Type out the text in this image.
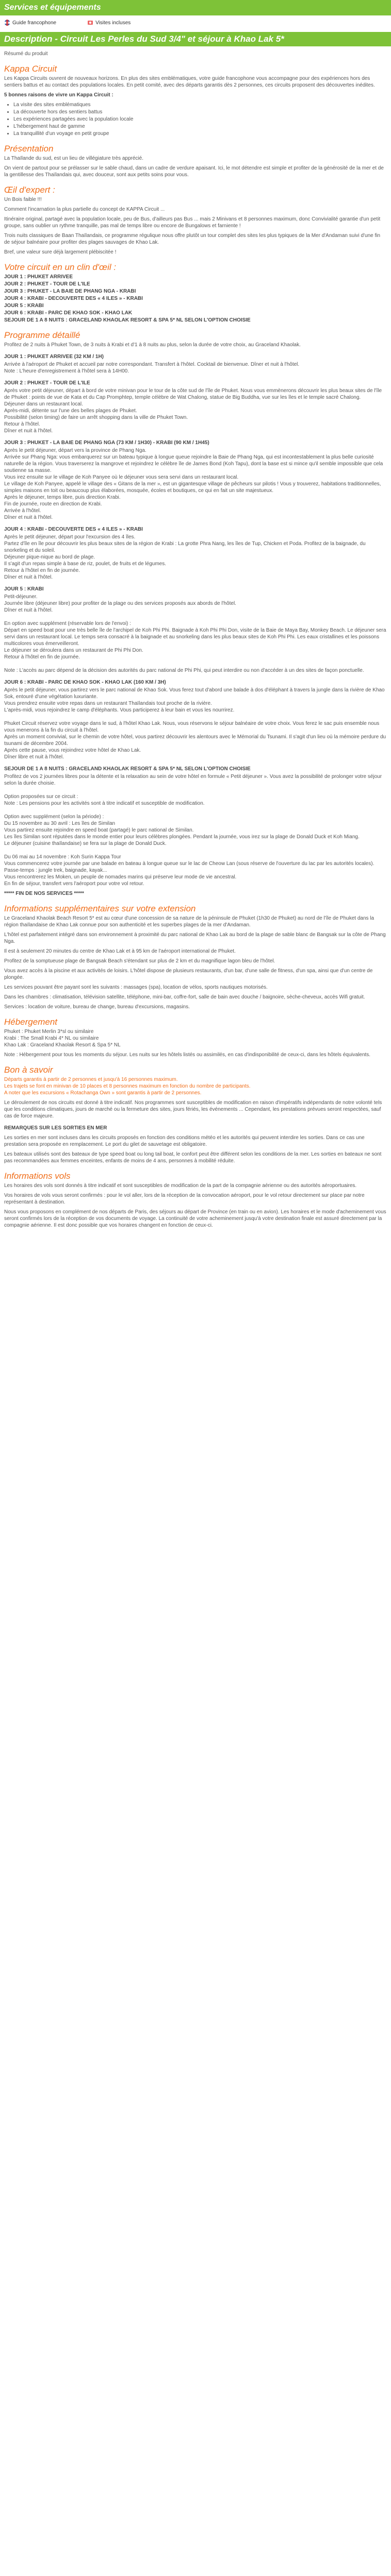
Services et équipements
Guide francophone	Visites incluses
Description - Circuit Les Perles du Sud 3/4" et séjour à Khao Lak 5*

Résumé du produit

Kappa Circuit

Les Kappa Circuits ouvrent de nouveaux horizons. En plus des sites emblématiques, votre guide francophone vous accompagne pour des expériences hors des sentiers battus et au contact des populations locales. En petit comité, avec des départs garantis dès 2 personnes, ces circuits proposent des découvertes inédites.

5 bonnes raisons de vivre un Kappa Circuit :

• La visite des sites emblématiques
• La découverte hors des sentiers battus
• Les expériences partagées avec la population locale
• L'hébergement haut de gamme
• La tranquillité d'un voyage en petit groupe
Présentation

La Thaïlande du sud, est un lieu de villégiature très apprécié.

On vient de partout pour se prélasser sur le sable chaud, dans un cadre de verdure apaisant. Ici, le mot détendre est simple et profiter de la générosité de la mer et de la gentillesse des Thaïlandais qui, avec douceur, sont aux petits soins pour vous.

Œil d'expert :

Un Bois faible !!!

Comment l'incarnation la plus partielle du concept de KAPPA Circuit ...

Itinéraire original, partagé avec la population locale, peu de Bus, d'ailleurs pas Bus ... mais 2 Minivans et 8 personnes maximum, donc Convivialité garantie d'un petit groupe, sans oublier un rythme tranquille, pas mal de temps libre ou encore de Bungalows et farniente !

Trois nuits classiques de Baan Thaïlandais, ce programme régulique nous offre plutôt un tour complet des sites les plus typiques de la Mer d'Andaman suivi d'une fin de séjour balnéaire pour profiter des plages sauvages de Khao Lak.

Bref, une valeur sure déjà largement plébiscitée !

Votre circuit en un clin d'œil :
JOUR 1 : PHUKET ARRIVEE
JOUR 2 : PHUKET - TOUR DE L'ILE
JOUR 3 : PHUKET - LA BAIE DE PHANG NGA - KRABI
JOUR 4 : KRABI - DECOUVERTE DES « 4 ILES » - KRABI
JOUR 5 : KRABI
JOUR 6 : KRABI - PARC DE KHAO SOK - KHAO LAK
SEJOUR DE 1 A 8 NUITS : GRACELAND KHAOLAK RESORT & SPA 5* NL SELON L'OPTION CHOISIE
Programme détaillé

Profitez de 2 nuits à Phuket Town, de 3 nuits à Krabi et d'1 à 8 nuits au plus, selon la durée de votre choix, au Graceland Khaolak.

JOUR 1 : PHUKET ARRIVEE (32 KM / 1H)

Arrivée à l'aéroport de Phuket et accueil par notre correspondant. Transfert à l'hôtel. Cocktail de bienvenue. Dîner et nuit à l'hôtel.
Note : L'heure d'enregistrement à l'hôtel sera à 14H00.

JOUR 2 : PHUKET - TOUR DE L'ILE

Après votre petit déjeuner, départ à bord de votre minivan pour le tour de la côte sud de l'île de Phuket. Nous vous emmènerons découvrir les plus beaux sites de l'île de Phuket : points de vue de Kata et du Cap Promphtep, temple célèbre de Wat Chalong, statue de Big Buddha, vue sur les îles et le temple sacré Chalong.
Déjeuner dans un restaurant local.
Après-midi, détente sur l'une des belles plages de Phuket.
Possibilité (selon timing) de faire un arrêt shopping dans la ville de Phuket Town.
Retour à l'hôtel.
Dîner et nuit à l'hôtel.

JOUR 3 : PHUKET - LA BAIE DE PHANG NGA (73 KM / 1H30) - KRABI (90 KM / 1H45)

Après le petit déjeuner, départ vers la province de Phang Nga.
Arrivée sur Phang Nga: vous embarquerez sur un bateau typique à longue queue rejoindre la Baie de Phang Nga, qui est incontestablement la plus belle curiosité naturelle de la région. Vous traverserez la mangrove et rejoindrez le célèbre île de James Bond (Koh Tapu), dont la base est si mince qu'il semble impossible que cela soutienne sa masse.
Vous irez ensuite sur le village de Koh Panyee où le déjeuner vous sera servi dans un restaurant local.
Le village de Koh Panyee, appelé le village des « Gitans de la mer », est un gigantesque village de pêcheurs sur pilotis ! Vous y trouverez, habitations traditionnelles, simples maisons en toit ou beaucoup plus élaborées, mosquée, écoles et boutiques, ce qui en fait un site majestueux.
Après le déjeuner, temps libre, puis direction Krabi.
Fin de journée, route en direction de Krabi.
Arrivée à l'hôtel.
Dîner et nuit à l'hôtel.

JOUR 4 : KRABI - DECOUVERTE DES « 4 ILES » - KRABI

Après le petit déjeuner, départ pour l'excursion des 4 îles.
Partez d'île en île pour découvrir les plus beaux sites de la région de Krabi : La grotte Phra Nang, les îles de Tup, Chicken et Poda. Profitez de la baignade, du snorkeling et du soleil.
Déjeuner pique-nique au bord de plage.
Il s'agit d'un repas simple à base de riz, poulet, de fruits et de légumes.
Retour à l'hôtel en fin de journée.
Dîner et nuit à l'hôtel.

JOUR 5 : KRABI

Petit-déjeuner.
Journée libre (déjeuner libre) pour profiter de la plage ou des services proposés aux abords de l'hôtel.
Dîner et nuit à l'hôtel.

En option avec supplément (réservable lors de l'envoi) :
Départ en speed boat pour une très belle île de l'archipel de Koh Phi Phi. Baignade à Koh Phi Phi Don, visite de la Baie de Maya Bay, Monkey Beach. Le déjeuner sera servi dans un restaurant local. Le temps sera consacré à la baignade et au snorkeling dans les plus beaux sites de Koh Phi Phi. Les eaux cristallines et les poissons multicolores vous émerveilleront.
Le déjeuner se déroulera dans un restaurant de Phi Phi Don.
Retour à l'hôtel en fin de journée.

Note : L'accès au parc dépend de la décision des autorités du parc national de Phi Phi, qui peut interdire ou non d'accéder à un des sites de façon ponctuelle.

JOUR 6 : KRABI - PARC DE KHAO SOK - KHAO LAK (160 KM / 3H)

Après le petit déjeuner, vous partirez vers le parc national de Khao Sok. Vous ferez tout d'abord une balade à dos d'éléphant à travers la jungle dans la rivière de Khao Sok, entouré d'une végétation luxuriante.
Vous prendrez ensuite votre repas dans un restaurant Thaïlandais tout proche de la rivière.
L'après-midi, vous rejoindrez le camp d'éléphants. Vous participerez à leur bain et vous les nourrirez.

Phuket Circuit réservez votre voyage dans le sud, à l'hôtel Khao Lak. Nous, vous réservons le séjour balnéaire de votre choix. Vous ferez le sac puis ensemble nous vous menerons à la fin du circuit à l'hôtel.
Après un moment convivial, sur le chemin de votre hôtel, vous partirez découvrir les alentours avec le Mémorial du Tsunami. Il s'agit d'un lieu où la mémoire perdure du tsunami de décembre 2004.
Après cette pause, vous rejoindrez votre hôtel de Khao Lak.
Dîner libre et nuit à l'hôtel.

SEJOUR DE 1 A 8 NUITS : GRACELAND KHAOLAK RESORT & SPA 5* NL SELON L'OPTION CHOISIE

Profitez de vos 2 journées libres pour la détente et la relaxation au sein de votre hôtel en formule « Petit déjeuner ». Vous avez la possibilité de prolonger votre séjour selon la durée choisie.

Option proposées sur ce circuit :
Note : Les pensions pour les activités sont à titre indicatif et susceptible de modification.

Option avec supplément (selon la période) :
Du 15 novembre au 30 avril : Les îles de Similan
Vous partirez ensuite rejoindre en speed boat (partagé) le parc national de Similan.
Les îles Similan sont réputées dans le monde entier pour leurs célèbres plongées. Pendant la journée, vous irez sur la plage de Donald Duck et Koh Miang.
Le déjeuner (cuisine thaïlandaise) se fera sur la plage de Donald Duck.

Du 06 mai au 14 novembre : Koh Surin Kappa Tour
Vous commencerez votre journée par une balade en bateau à longue queue sur le lac de Cheow Lan (sous réserve de l'ouverture du lac par les autorités locales).
Passe-temps : jungle trek, baignade, kayak...
Vous rencontrerez les Moken, un peuple de nomades marins qui préserve leur mode de vie ancestral.
En fin de séjour, transfert vers l'aéroport pour votre vol retour.

***** FIN DE NOS SERVICES *****

Informations supplémentaires sur votre extension

Le Graceland Khaolak Beach Resort 5* est au cœur d'une concession de sa nature de la péninsule de Phuket (1h30 de Phuket) au nord de l'île de Phuket dans la région thaïlandaise de Khao Lak connue pour son authenticité et les superbes plages de la mer d'Andaman.

L'hôtel est parfaitement intégré dans son environnement à proximité du parc national de Khao Lak au bord de la plage de sable blanc de Bangsak sur la côte de Phang Nga.

Il est à seulement 20 minutes du centre de Khao Lak et à 95 km de l'aéroport international de Phuket.

Profitez de la somptueuse plage de Bangsak Beach s'étendant sur plus de 2 km et du magnifique lagon bleu de l'hôtel.

Vous avez accès à la piscine et aux activités de loisirs. L'hôtel dispose de plusieurs restaurants, d'un bar, d'une salle de fitness, d'un spa, ainsi que d'un centre de plongée.

Les services pouvant être payant sont les suivants : massages (spa), location de vélos, sports nautiques motorisés.

Dans les chambres : climatisation, télévision satellite, téléphone, mini-bar, coffre-fort, salle de bain avec douche / baignoire, sèche-cheveux, accès Wifi gratuit.

Services : location de voiture, bureau de change, bureau d'excursions, magasins.

Hébergement

Phuket : Phuket Merlin 3*sl ou similaire

Krabi : The Small Krabi 4* NL ou similaire

Khao Lak : Graceland Khaolak Resort & Spa 5* NL

Note : Hébergement pour tous les moments du séjour. Les nuits sur les hôtels listés ou assimilés, en cas d'indisponibilité de ceux-ci, dans les hôtels équivalents.

Bon à savoir

Départs garantis à partir de 2 personnes et jusqu'à 16 personnes maximum.

Les trajets se font en minivan de 10 places et 8 personnes maximum en fonction du nombre de participants.

A noter que les excursions « Rotachanga Own » sont garantis à partir de 2 personnes.

Le déroulement de nos circuits est donné à titre indicatif. Nos programmes sont susceptibles de modification en raison d'impératifs indépendants de notre volonté tels que les conditions climatiques, jours de marché ou la fermeture des sites, jours fériés, les événements ... Cependant, les prestations prévues seront respectées, sauf cas de force majeure.

REMARQUES SUR LES SORTIES EN MER

Les sorties en mer sont incluses dans les circuits proposés en fonction des conditions météo et les autorités qui peuvent interdire les sorties. Dans ce cas une prestation sera proposée en remplacement. Le port du gilet de sauvetage est obligatoire.

Les bateaux utilisés sont des bateaux de type speed boat ou long tail boat, le confort peut être différent selon les conditions de la mer. Les sorties en bateaux ne sont pas recommandées aux femmes enceintes, enfants de moins de 4 ans, personnes à mobilité réduite.

Informations vols

Les horaires des vols sont donnés à titre indicatif et sont susceptibles de modification de la part de la compagnie aérienne ou des autorités aéroportuaires.

Vos horaires de vols vous seront confirmés : pour le vol aller, lors de la réception de la convocation aéroport, pour le vol retour directement sur place par notre représentant à destination.

Nous vous proposons en complément de nos départs de Paris, des séjours au départ de Province (en train ou en avion). Les horaires et le mode d'acheminement vous seront confirmés lors de la réception de vos documents de voyage. La continuité de votre acheminement jusqu'à votre destination finale est assuré directement par la compagnie aérienne. Il est donc possible que vos horaires changent en fonction de ceux-ci.
